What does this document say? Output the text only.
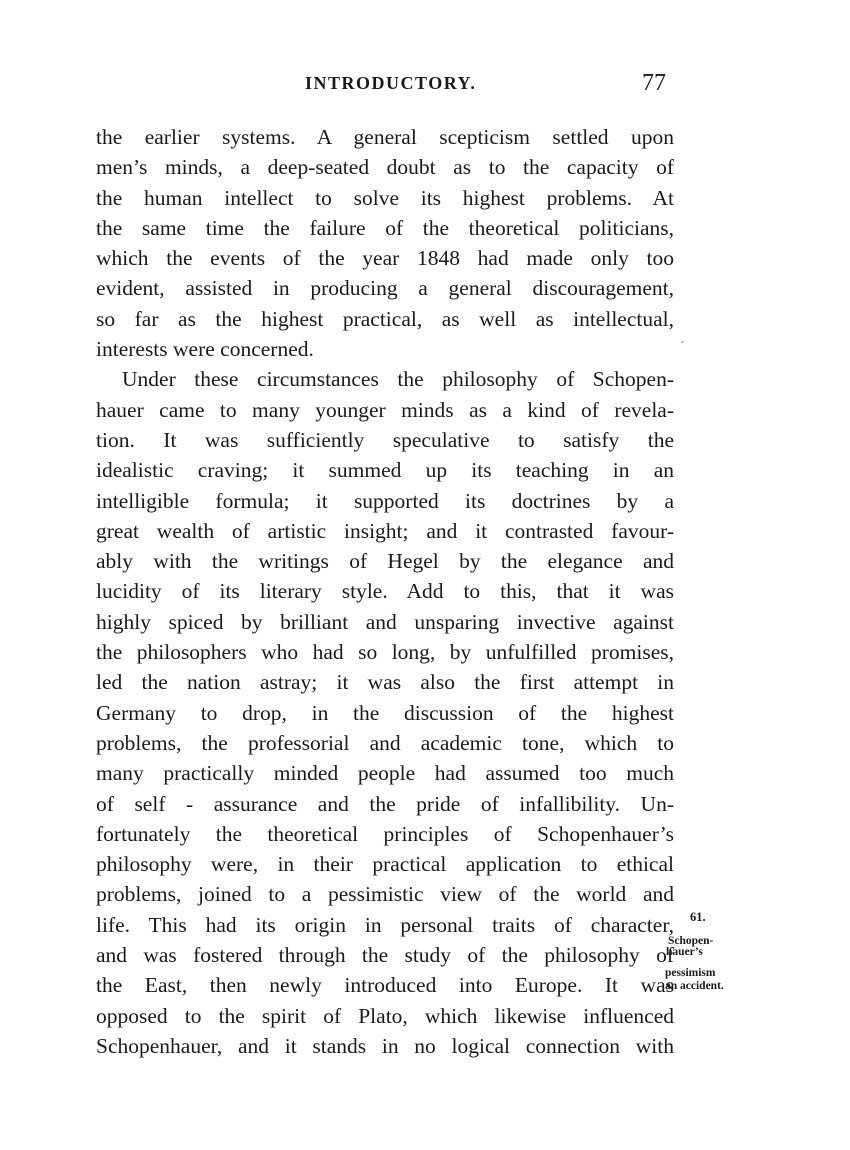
INTRODUCTORY.	77
the earlier systems. A general scepticism settled upon
men’s minds, a deep-seated doubt as to the capacity of
the human intellect to solve its highest problems. At
the same time the failure of the theoretical politicians,
which the events of the year 1848 had made only too
evident, assisted in producing a general discouragement,
so far as the highest practical, as well as intellectual,
interests were concerned.
Under these circumstances the philosophy of Schopen-
hauer came to many younger minds as a kind of revela-
tion. It was sufficiently speculative to satisfy the
idealistic craving; it summed up its teaching in an
intelligible formula; it supported its doctrines by a
great wealth of artistic insight; and it contrasted favour-
ably with the writings of Hegel by the elegance and
lucidity of its literary style. Add to this, that it was
highly spiced by brilliant and unsparing invective against
the philosophers who had so long, by unfulfilled promises,
led the nation astray; it was also the first attempt in
Germany to drop, in the discussion of the highest
problems, the professorial and academic tone, which to
many practically minded people had assumed too much
of self - assurance and the pride of infallibility. Un-
fortunately the theoretical principles of Schopenhauer’s
philosophy were, in their practical application to ethical
problems, joined to a pessimistic view of the world and
life. This had its origin in personal traits of character,
and was fostered through the study of the philosophy of
the East, then newly introduced into Europe. It was
opposed to the spirit of Plato, which likewise influenced
Schopenhauer, and it stands in no logical connection with
61.
Schopen-
hauer’s
pessimism
an accident.
